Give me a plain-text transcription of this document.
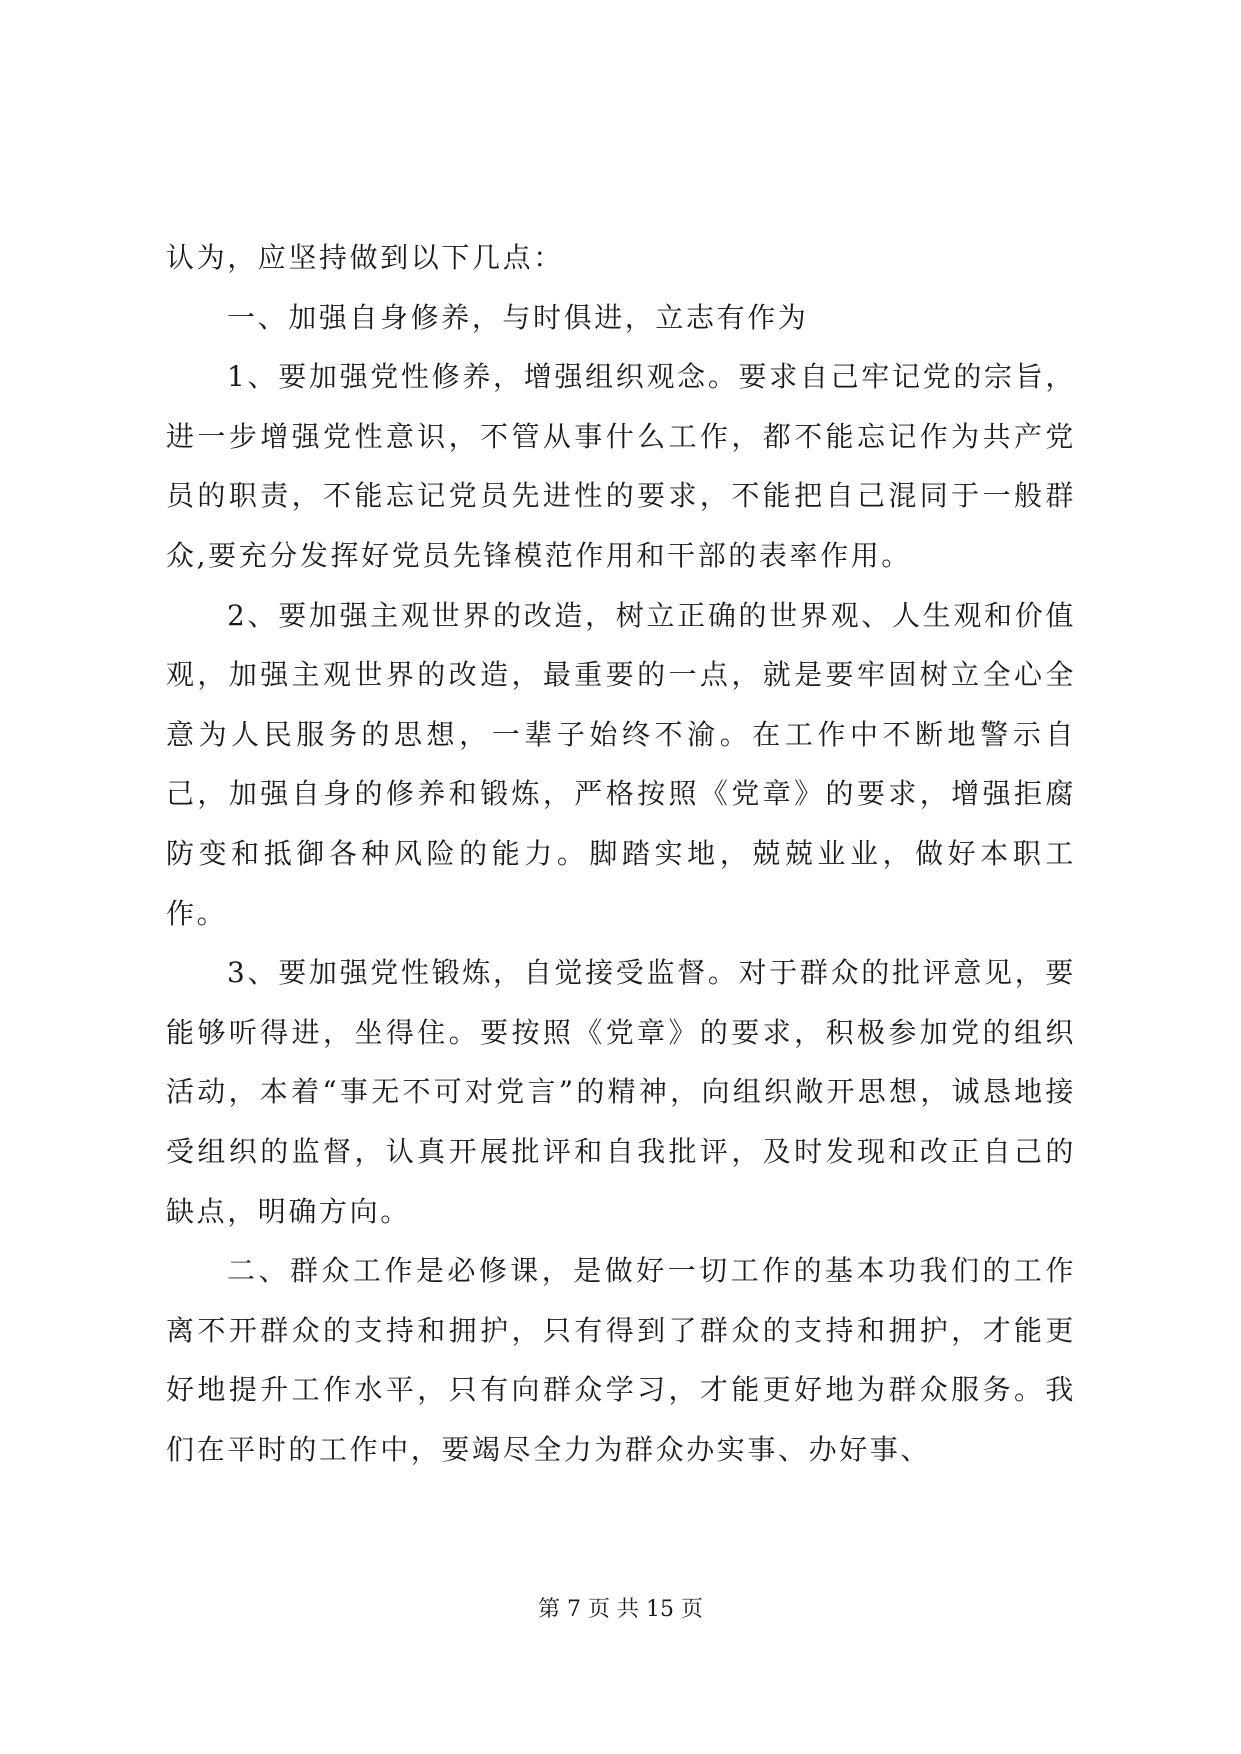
认为，应坚持做到以下几点：

一、加强自身修养，与时俱进，立志有作为

1、要加强党性修养，增强组织观念。要求自己牢记党的宗旨，进一步增强党性意识，不管从事什么工作，都不能忘记作为共产党员的职责，不能忘记党员先进性的要求，不能把自己混同于一般群众,要充分发挥好党员先锋模范作用和干部的表率作用。

2、要加强主观世界的改造，树立正确的世界观、人生观和价值观，加强主观世界的改造，最重要的一点，就是要牢固树立全心全意为人民服务的思想，一辈子始终不渝。在工作中不断地警示自己，加强自身的修养和锻炼，严格按照《党章》的要求，增强拒腐防变和抵御各种风险的能力。脚踏实地，兢兢业业，做好本职工作。

3、要加强党性锻炼，自觉接受监督。对于群众的批评意见，要能够听得进，坐得住。要按照《党章》的要求，积极参加党的组织活动，本着“事无不可对党言”的精神，向组织敞开思想，诚恳地接受组织的监督，认真开展批评和自我批评，及时发现和改正自己的缺点，明确方向。

二、群众工作是必修课，是做好一切工作的基本功我们的工作离不开群众的支持和拥护，只有得到了群众的支持和拥护，才能更好地提升工作水平，只有向群众学习，才能更好地为群众服务。我们在平时的工作中，要竭尽全力为群众办实事、办好事、

第 7 页 共 15 页
